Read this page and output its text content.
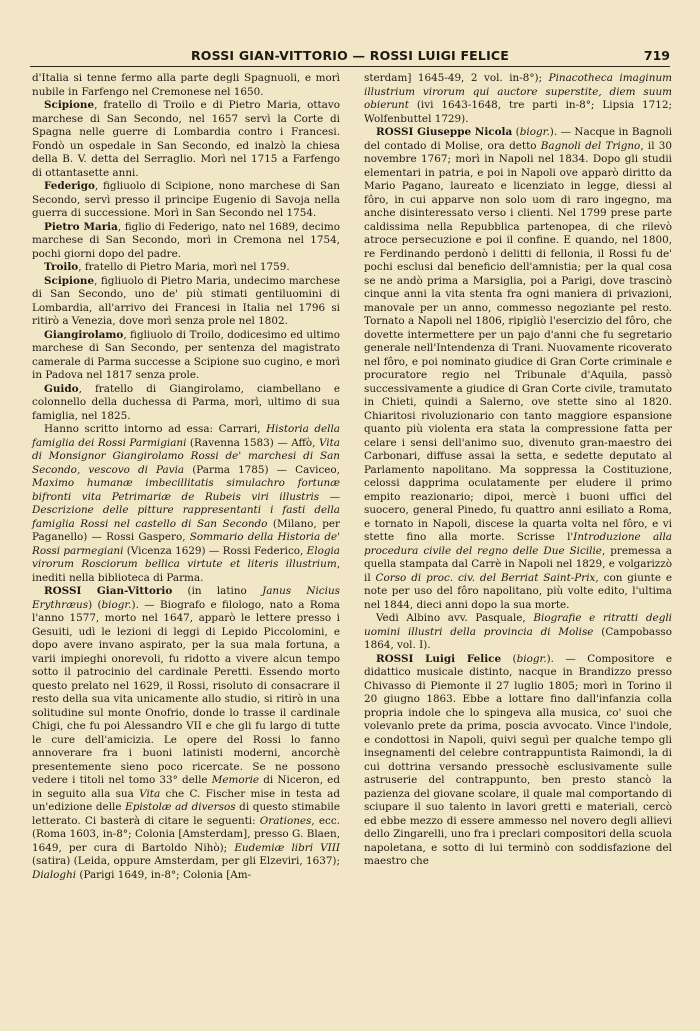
ROSSI GIAN-VITTORIO — ROSSI LUIGI FELICE	719

d'Italia si tenne fermo alla parte degli Spagnuoli, e morì nubile in Farfengo nel Cremonese nel 1650.

Scipione, fratello di Troilo e di Pietro Maria, ottavo marchese di San Secondo, nel 1657 servì la Corte di Spagna nelle guerre di Lombardia contro i Francesi. Fondò un ospedale in San Secondo, ed inalzò la chiesa della B. V. detta del Serraglio. Morì nel 1715 a Farfengo di ottantasette anni.

Federigo, figliuolo di Scipione, nono marchese di San Secondo, servì presso il principe Eugenio di Savoja nella guerra di successione. Morì in San Secondo nel 1754.

Pietro Maria, figlio di Federigo, nato nel 1689, decimo marchese di San Secondo, morì in Cremona nel 1754, pochi giorni dopo del padre.

Troilo, fratello di Pietro Maria, morì nel 1759.

Scipione, figliuolo di Pietro Maria, undecimo marchese di San Secondo, uno de' più stimati gentiluomini di Lombardia, all'arrivo dei Francesi in Italia nel 1796 si ritirò a Venezia, dove morì senza prole nel 1802.

Giangirolamo, figliuolo di Troilo, dodicesimo ed ultimo marchese di San Secondo, per sentenza del magistrato camerale di Parma successe a Scipione suo cugino, e morì in Padova nel 1817 senza prole.

Guido, fratello di Giangirolamo, ciambellano e colonnello della duchessa di Parma, morì, ultimo di sua famiglia, nel 1825.

Hanno scritto intorno ad essa: Carrari, Historia della famiglia dei Rossi Parmigiani (Ravenna 1583) — Affò, Vita di Monsignor Giangirolamo Rossi de' marchesi di San Secondo, vescovo di Pavia (Parma 1785) — Caviceo, Maximo humanæ imbecillitatis simulachro fortunæ bifronti vita Petrimariæ de Rubeis viri illustris — Descrizione delle pitture rappresentanti i fasti della famiglia Rossi nel castello di San Secondo (Milano, per Paganello) — Rossi Gaspero, Sommario della Historia de' Rossi parmegiani (Vicenza 1629) — Rossi Federico, Elogia virorum Rosciorum bellica virtute et literis illustrium, inediti nella biblioteca di Parma.

ROSSI Gian-Vittorio (in latino Janus Nicius Erythræus) (biogr.). — Biografo e filologo, nato a Roma l'anno 1577, morto nel 1647, apparò le lettere presso i Gesuiti, udì le lezioni di leggi di Lepido Piccolomini, e dopo avere invano aspirato, per la sua mala fortuna, a varii impieghi onorevoli, fu ridotto a vivere alcun tempo sotto il patrocinio del cardinale Peretti. Essendo morto questo prelato nel 1629, il Rossi, risoluto di consacrare il resto della sua vita unicamente allo studio, si ritirò in una solitudine sul monte Onofrio, donde lo trasse il cardinale Chigi, che fu poi Alessandro VII e che gli fu largo di tutte le cure dell'amicizia. Le opere del Rossi lo fanno annoverare fra i buoni latinisti moderni, ancorchè presentemente sieno poco ricercate. Se ne possono vedere i titoli nel tomo 33° delle Memorie di Niceron, ed in seguito alla sua Vita che C. Fischer mise in testa ad un'edizione delle Epistolæ ad diversos di questo stimabile letterato. Ci basterà di citare le seguenti: Orationes, ecc. (Roma 1603, in-8°; Colonia [Amsterdam], presso G. Blaen, 1649, per cura di Bartoldo Nihò); Eudemiæ libri VIII (satira) (Leida, oppure Amsterdam, per gli Elzeviri, 1637); Dialoghi (Parigi 1649, in-8°; Colonia [Am-

sterdam] 1645-49, 2 vol. in-8°); Pinacotheca imaginum illustrium virorum qui auctore superstite, diem suum obierunt (ivi 1643-1648, tre parti in-8°; Lipsia 1712; Wolfenbuttel 1729).

ROSSI Giuseppe Nicola (biogr.). — Nacque in Bagnoli del contado di Molise, ora detto Bagnoli del Trigno, il 30 novembre 1767; morì in Napoli nel 1834. Dopo gli studii elementari in patria, e poi in Napoli ove apparò diritto da Mario Pagano, laureato e licenziato in legge, diessi al fôro, in cui apparve non solo uom di raro ingegno, ma anche disinteressato verso i clienti. Nel 1799 prese parte caldissima nella Repubblica partenopea, di che rilevò atroce persecuzione e poi il confine. E quando, nel 1800, re Ferdinando perdonò i delitti di fellonia, il Rossi fu de' pochi esclusi dal beneficio dell'amnistia; per la qual cosa se ne andò prima a Marsiglia, poi a Parigi, dove trascinò cinque anni la vita stenta fra ogni maniera di privazioni, manovale per un anno, commesso negoziante pel resto. Tornato a Napoli nel 1806, ripigliò l'esercizio del fôro, che dovette intermettere per un pajo d'anni che fu segretario generale nell'Intendenza di Trani. Nuovamente ricoverato nel fôro, e poi nominato giudice di Gran Corte criminale e procuratore regio nel Tribunale d'Aquila, passò successivamente a giudice di Gran Corte civile, tramutato in Chieti, quindi a Salerno, ove stette sino al 1820. Chiaritosi rivoluzionario con tanto maggiore espansione quanto più violenta era stata la compressione fatta per celare i sensi dell'animo suo, divenuto gran-maestro dei Carbonari, diffuse assai la setta, e sedette deputato al Parlamento napolitano. Ma soppressa la Costituzione, celossi dapprima oculatamente per eludere il primo empito reazionario; dipoi, mercè i buoni uffici del suocero, general Pinedo, fu quattro anni esiliato a Roma, e tornato in Napoli, discese la quarta volta nel fôro, e vi stette fino alla morte. Scrisse l'Introduzione alla procedura civile del regno delle Due Sicilie, premessa a quella stampata dal Carrè in Napoli nel 1829, e volgarizzò il Corso di proc. civ. del Berriat Saint-Prix, con giunte e note per uso del fôro napolitano, più volte edito, l'ultima nel 1844, dieci anni dopo la sua morte.

Vedi Albino avv. Pasquale, Biografie e ritratti degli uomini illustri della provincia di Molise (Campobasso 1864, vol. I).

ROSSI Luigi Felice (biogr.). — Compositore e didattico musicale distinto, nacque in Brandizzo presso Chivasso di Piemonte il 27 luglio 1805; morì in Torino il 20 giugno 1863. Ebbe a lottare fino dall'infanzia colla propria indole che lo spingeva alla musica, co' suoi che volevanlo prete da prima, poscia avvocato. Vince l'indole, e condottosi in Napoli, quivi seguì per qualche tempo gli insegnamenti del celebre contrappuntista Raimondi, la di cui dottrina versando pressochè esclusivamente sulle astruserie del contrappunto, ben presto stancò la pazienza del giovane scolare, il quale mal comportando di sciupare il suo talento in lavori gretti e materiali, cercò ed ebbe mezzo di essere ammesso nel novero degli allievi dello Zingarelli, uno fra i preclari compositori della scuola napoletana, e sotto di lui terminò con soddisfazione del maestro che
